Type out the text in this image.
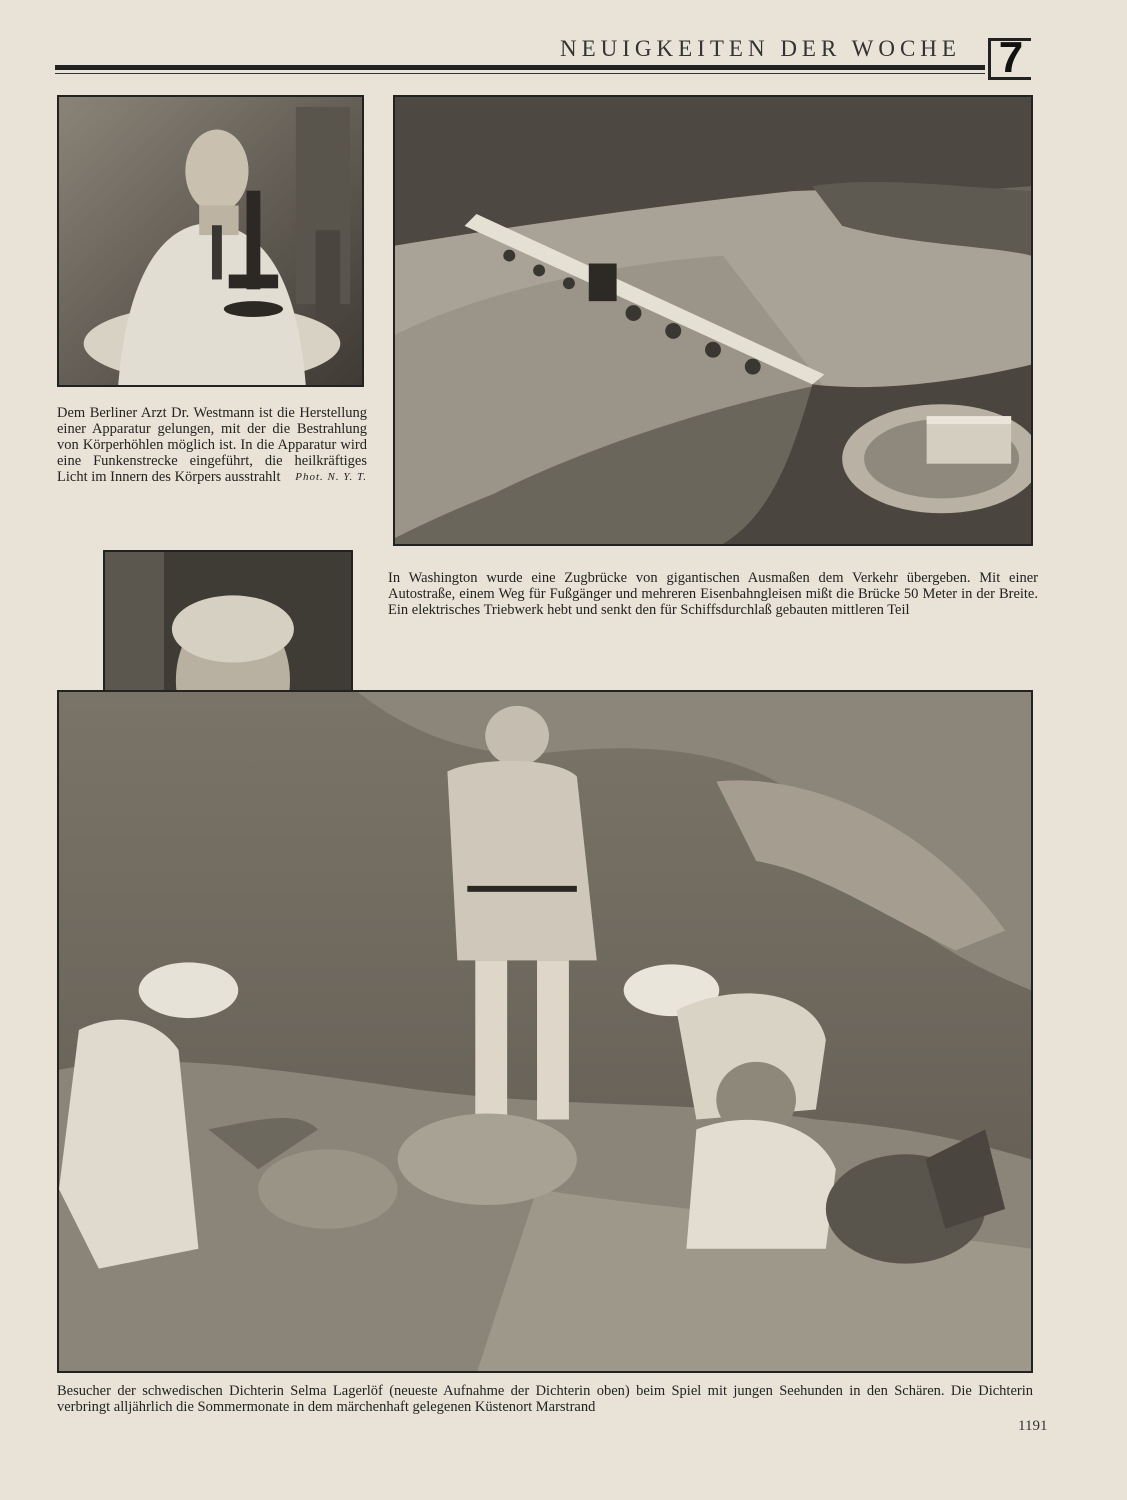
NEUIGKEITEN DER WOCHE 7
Dem Berliner Arzt Dr. Westmann ist die Herstellung einer Apparatur gelungen, mit der die Bestrahlung von Körperhöhlen möglich ist. In die Apparatur wird eine Funkenstrecke eingeführt, die heilkräftiges Licht im Innern des Körpers ausstrahlt Phot. N. Y. T.
In Washington wurde eine Zugbrücke von gigantischen Ausmaßen dem Verkehr übergeben. Mit einer Autostraße, einem Weg für Fußgänger und mehreren Eisenbahngleisen mißt die Brücke 50 Meter in der Breite. Ein elektrisches Triebwerk hebt und senkt den für Schiffsdurchlaß gebauten mittleren Teil
Besucher der schwedischen Dichterin Selma Lagerlöf (neueste Aufnahme der Dichterin oben) beim Spiel mit jungen Seehunden in den Schären. Die Dichterin verbringt alljährlich die Sommermonate in dem märchenhaft gelegenen Küstenort Marstrand
1191
